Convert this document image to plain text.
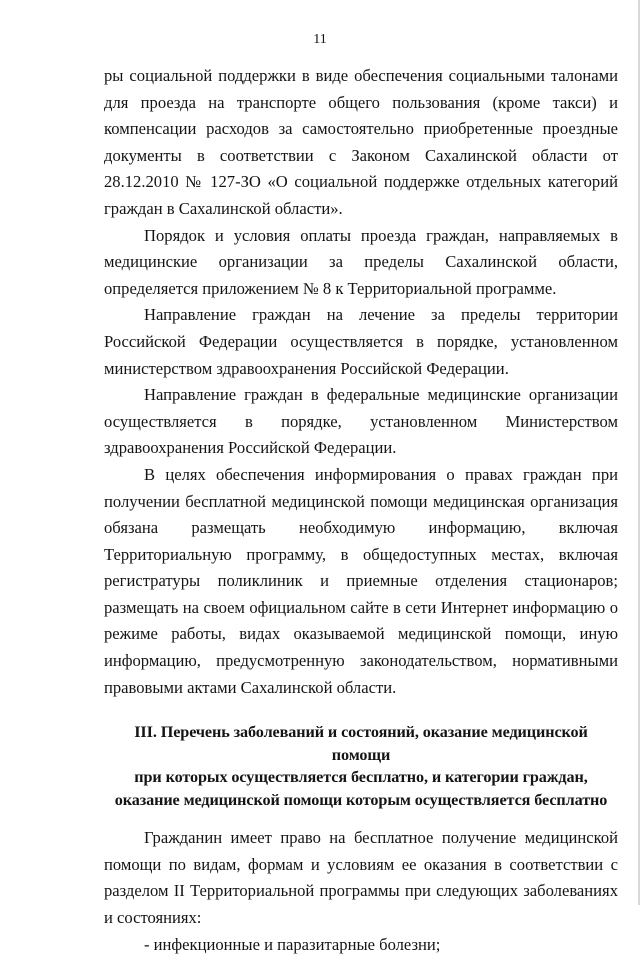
11

ры социальной поддержки в виде обеспечения социальными талонами для проезда на транспорте общего пользования (кроме такси) и компенсации расходов за самостоятельно приобретенные проездные документы в соответствии с Законом Сахалинской области от 28.12.2010 № 127-ЗО «О социальной поддержке отдельных категорий граждан в Сахалинской области».

Порядок и условия оплаты проезда граждан, направляемых в медицинские организации за пределы Сахалинской области, определяется приложением № 8 к Территориальной программе.

Направление граждан на лечение за пределы территории Российской Федерации осуществляется в порядке, установленном министерством здравоохранения Российской Федерации.

Направление граждан в федеральные медицинские организации осуществляется в порядке, установленном Министерством здравоохранения Российской Федерации.

В целях обеспечения информирования о правах граждан при получении бесплатной медицинской помощи медицинская организация обязана размещать необходимую информацию, включая Территориальную программу, в общедоступных местах, включая регистратуры поликлиник и приемные отделения стационаров; размещать на своем официальном сайте в сети Интернет информацию о режиме работы, видах оказываемой медицинской помощи, иную информацию, предусмотренную законодательством, нормативными правовыми актами Сахалинской области.

III. Перечень заболеваний и состояний, оказание медицинской помощи
при которых осуществляется бесплатно, и категории граждан,
оказание медицинской помощи которым осуществляется бесплатно

Гражданин имеет право на бесплатное получение медицинской помощи по видам, формам и условиям ее оказания в соответствии с разделом II Территориальной программы при следующих заболеваниях и состояниях:

- инфекционные и паразитарные болезни;
